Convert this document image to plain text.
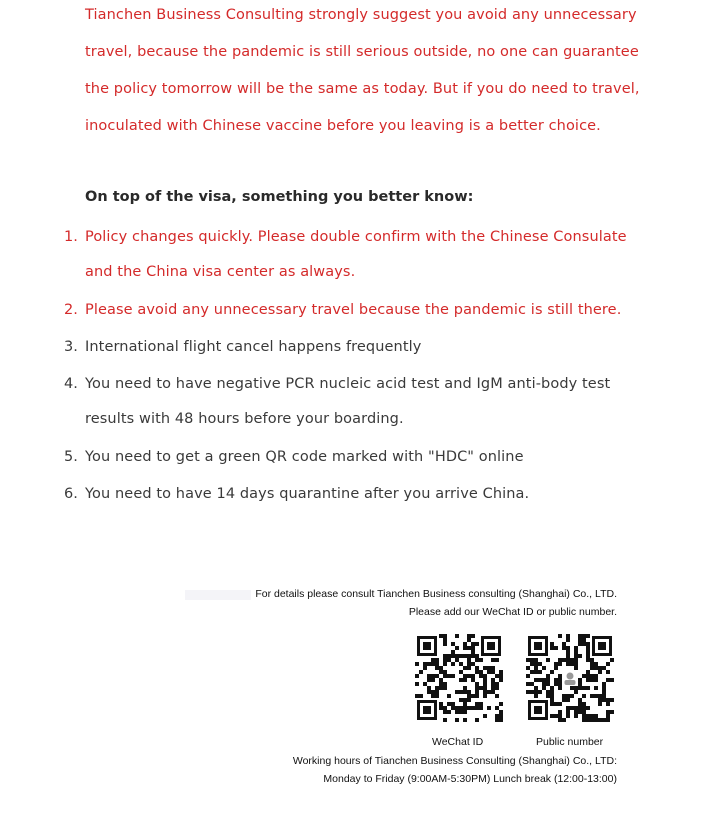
Tianchen Business Consulting strongly suggest you avoid any unnecessary
travel, because the pandemic is still serious outside, no one can guarantee
the policy tomorrow will be the same as today. But if you do need to travel,
inoculated with Chinese vaccine before you leaving is a better choice.
On top of the visa, something you better know:
1. Policy changes quickly. Please double confirm with the Chinese Consulate
and the China visa center as always.
2. Please avoid any unnecessary travel because the pandemic is still there.
3. International flight cancel happens frequently
4. You need to have negative PCR nucleic acid test and IgM anti-body test
results with 48 hours before your boarding.
5. You need to get a green QR code marked with "HDC" online
6. You need to have 14 days quarantine after you arrive China.
For details please consult Tianchen Business consulting (Shanghai) Co., LTD.
Please add our WeChat ID or public number.
WeChat ID	Public number
Working hours of Tianchen Business Consulting (Shanghai) Co., LTD:
Monday to Friday (9:00AM-5:30PM) Lunch break (12:00-13:00)
